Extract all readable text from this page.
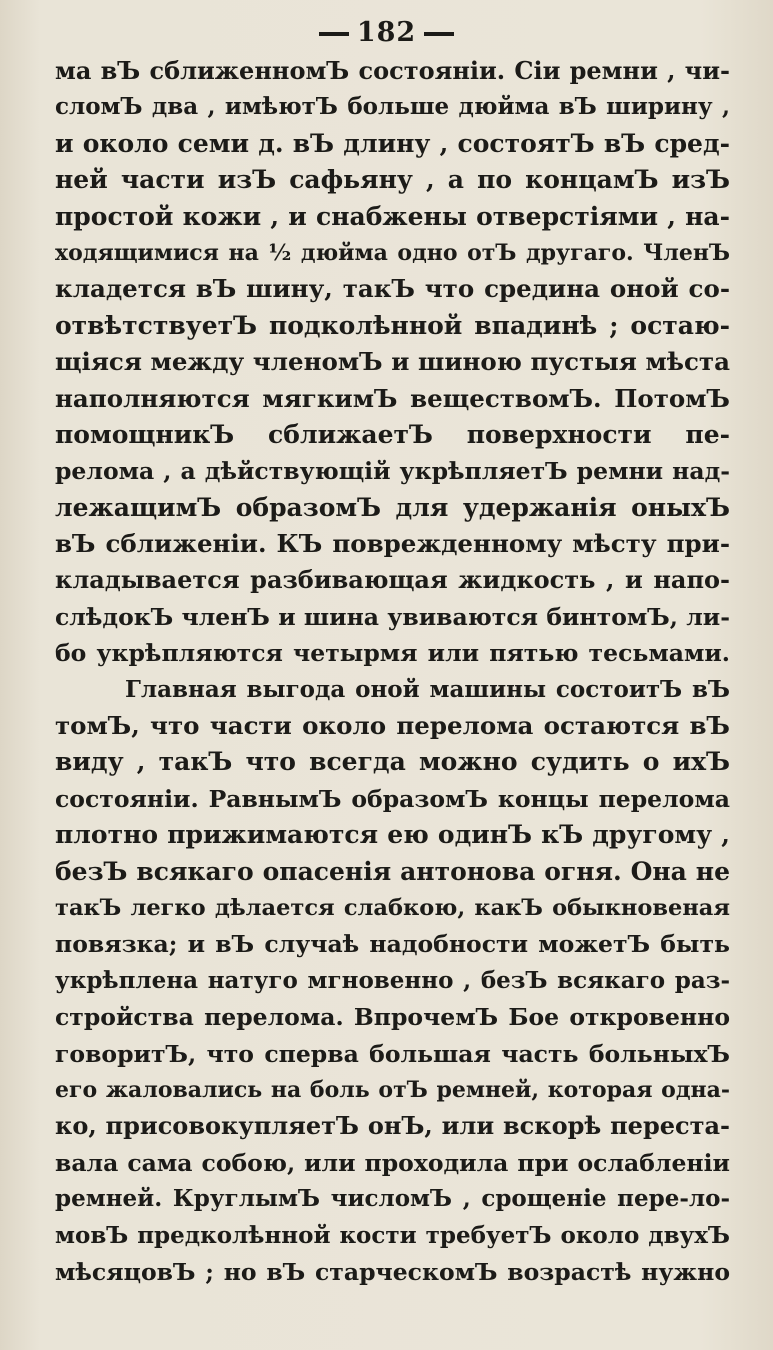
182
ма вЪ сближенномЪ состояніи. Сіи ремни , чи-
сломЪ два , имѣютЪ больше дюйма вЪ ширину ,
и около семи д. вЪ длину , состоятЪ вЪ сред-
ней части изЪ сафьяну , а по концамЪ изЪ
простой кожи , и снабжены отверстіями , на-
ходящимися на ½ дюйма одно отЪ другаго. ЧленЪ
кладется вЪ шину, такЪ что средина оной со-
отвѣтствуетЪ подколѣнной впадинѣ ; остаю-
щіяся между членомЪ и шиною пустыя мѣста
наполняются мягкимЪ веществомЪ. ПотомЪ
помощникЪ сближаетЪ поверхности пе-
релома , а дѣйствующій укрѣпляетЪ ремни над-
лежащимЪ образомЪ для удержанія оныхЪ
вЪ сближеніи. КЪ поврежденному мѣсту при-
кладывается разбивающая жидкость , и напо-
слѣдокЪ членЪ и шина увиваются бинтомЪ, ли-
бо укрѣпляются четырмя или пятью тесьмами.
Главная выгода оной машины состоитЪ вЪ
томЪ, что части около перелома остаются вЪ
виду , такЪ что всегда можно судить о ихЪ
состояніи. РавнымЪ образомЪ концы перелома
плотно прижимаются ею одинЪ кЪ другому ,
безЪ всякаго опасенія антонова огня. Она не
такЪ легко дѣлается слабкою, какЪ обыкновеная
повязка; и вЪ случаѣ надобности можетЪ быть
укрѣплена натуго мгновенно , безЪ всякаго раз-
стройства перелома. ВпрочемЪ Бое откровенно
говоритЪ, что сперва большая часть больныхЪ
его жаловались на боль отЪ ремней, которая одна-
ко, присовокупляетЪ онЪ, или вскорѣ переста-
вала сама собою, или проходила при ослабленіи
ремней. КруглымЪ числомЪ , срощеніе пере-ло-
мовЪ предколѣнной кости требуетЪ около двухЪ
мѣсяцовЪ ; но вЪ старческомЪ возрастѣ нужно
